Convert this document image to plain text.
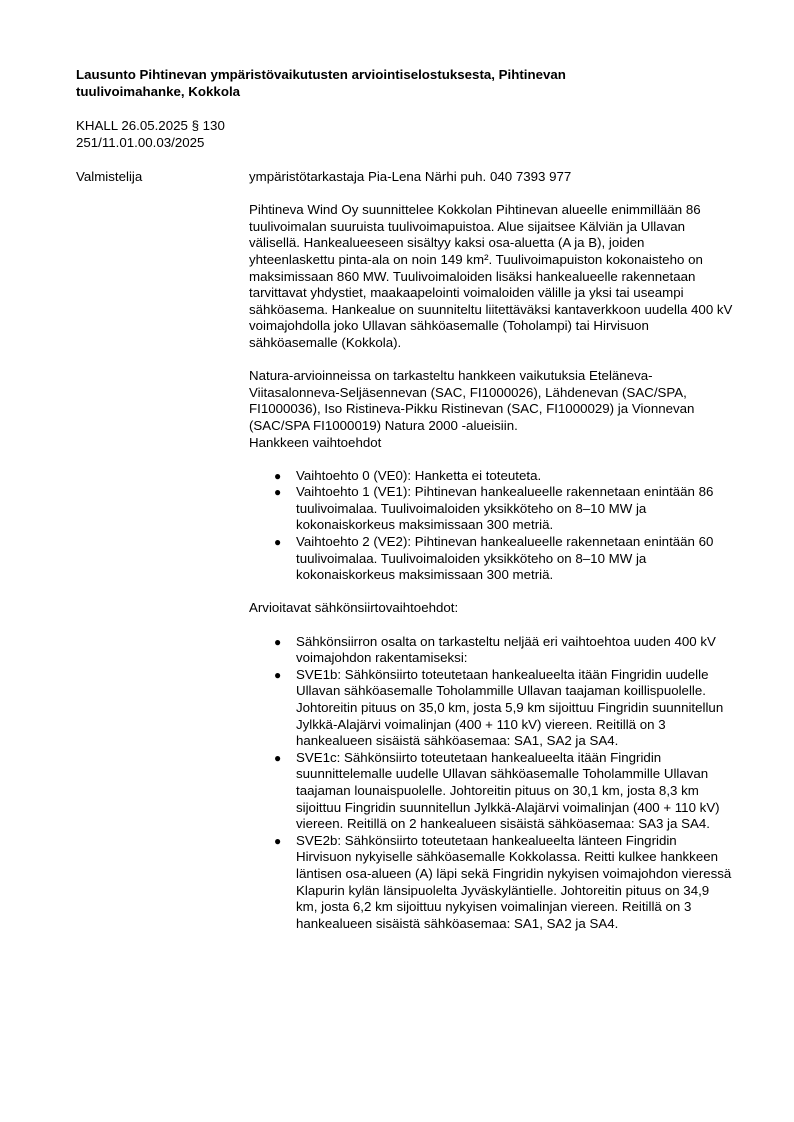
Lausunto Pihtinevan ympäristövaikutusten arviointiselostuksesta, Pihtinevan tuulivoimahanke, Kokkola
KHALL 26.05.2025 § 130
251/11.01.00.03/2025
Valmistelija	ympäristötarkastaja Pia-Lena Närhi puh. 040 7393 977

Pihtineva Wind Oy suunnittelee Kokkolan Pihtinevan alueelle enimmillään 86 tuulivoimalan suuruista tuulivoimapuistoa. Alue sijaitsee Kälviän ja Ullavan välisellä. Hankealueeseen sisältyy kaksi osa-aluetta (A ja B), joiden yhteenlaskettu pinta-ala on noin 149 km². Tuulivoimapuiston kokonaisteho on maksimissaan 860 MW. Tuulivoimaloiden lisäksi hankealueelle rakennetaan tarvittavat yhdystiet, maakaapelointi voimaloiden välille ja yksi tai useampi sähköasema. Hankealue on suunniteltu liitettäväksi kantaverkkoon uudella 400 kV voimajohdolla joko Ullavan sähköasemalle (Toholampi) tai Hirvisuon sähköasemalle (Kokkola).

Natura-arvioinneissa on tarkasteltu hankkeen vaikutuksia Eteläneva-Viitasalonneva-Seljäsennevan (SAC, FI1000026), Lähdenevan (SAC/SPA, FI1000036), Iso Ristineva-Pikku Ristinevan (SAC, FI1000029) ja Vionnevan (SAC/SPA FI1000019) Natura 2000 -alueisiin.

Hankkeen vaihtoehdot

● Vaihtoehto 0 (VE0): Hanketta ei toteuteta.
● Vaihtoehto 1 (VE1): Pihtinevan hankealueelle rakennetaan enintään 86 tuulivoimalaa. Tuulivoimaloiden yksikköteho on 8–10 MW ja kokonaiskorkeus maksimissaan 300 metriä.
● Vaihtoehto 2 (VE2): Pihtinevan hankealueelle rakennetaan enintään 60 tuulivoimalaa. Tuulivoimaloiden yksikköteho on 8–10 MW ja kokonaiskorkeus maksimissaan 300 metriä.

Arvioitavat sähkönsiirtovaihtoehdot:

● Sähkönsiirron osalta on tarkasteltu neljää eri vaihtoehtoa uuden 400 kV voimajohdon rakentamiseksi:
● SVE1b: Sähkönsiirto toteutetaan hankealueelta itään Fingridin uudelle Ullavan sähköasemalle Toholammille Ullavan taajaman koillispuolelle. Johtoreitin pituus on 35,0 km, josta 5,9 km sijoittuu Fingridin suunnitellun Jylkkä-Alajärvi voimalinjan (400 + 110 kV) viereen. Reitillä on 3 hankealueen sisäistä sähköasemaa: SA1, SA2 ja SA4.
● SVE1c: Sähkönsiirto toteutetaan hankealueelta itään Fingridin suunnittelemalle uudelle Ullavan sähköasemalle Toholammille Ullavan taajaman lounaispuolelle. Johtoreitin pituus on 30,1 km, josta 8,3 km sijoittuu Fingridin suunnitellun Jylkkä-Alajärvi voimalinjan (400 + 110 kV) viereen. Reitillä on 2 hankealueen sisäistä sähköasemaa: SA3 ja SA4.
● SVE2b: Sähkönsiirto toteutetaan hankealueelta länteen Fingridin Hirvisuon nykyiselle sähköasemalle Kokkolassa. Reitti kulkee hankkeen läntisen osa-alueen (A) läpi sekä Fingridin nykyisen voimajohdon vieressä Klapurin kylän länsipuolelta Jyväskyläntielle. Johtoreitin pituus on 34,9 km, josta 6,2 km sijoittuu nykyisen voimalinjan viereen. Reitillä on 3 hankealueen sisäistä sähköasemaa: SA1, SA2 ja SA4.
